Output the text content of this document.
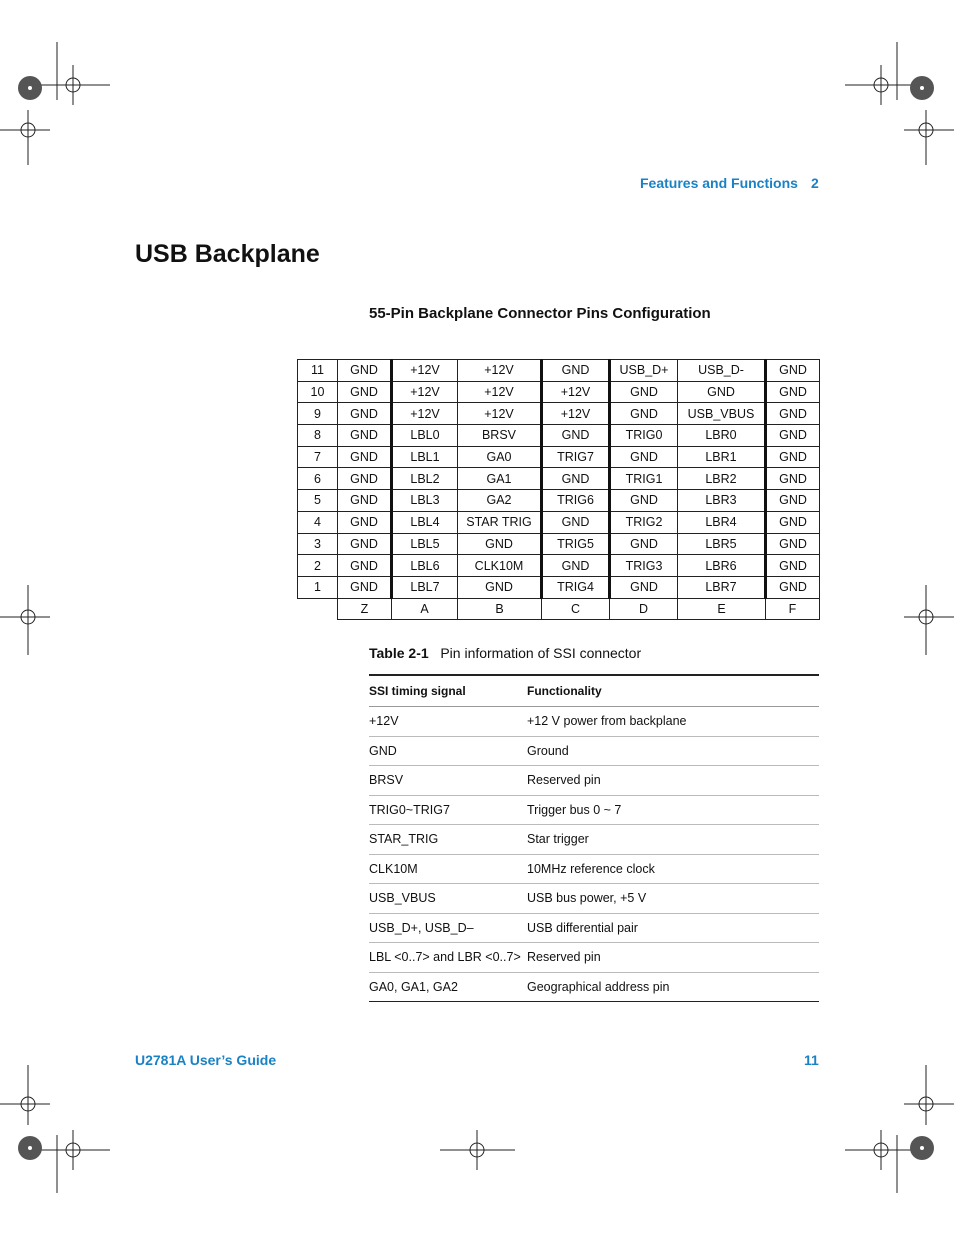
Features and Functions 2
USB Backplane
55-Pin Backplane Connector Pins Configuration
11	GND	+12V	+12V	GND	USB_D+	USB_D-	GND
10	GND	+12V	+12V	+12V	GND	GND	GND
9	GND	+12V	+12V	+12V	GND	USB_VBUS	GND
8	GND	LBL0	BRSV	GND	TRIG0	LBR0	GND
7	GND	LBL1	GA0	TRIG7	GND	LBR1	GND
6	GND	LBL2	GA1	GND	TRIG1	LBR2	GND
5	GND	LBL3	GA2	TRIG6	GND	LBR3	GND
4	GND	LBL4	STAR TRIG	GND	TRIG2	LBR4	GND
3	GND	LBL5	GND	TRIG5	GND	LBR5	GND
2	GND	LBL6	CLK10M	GND	TRIG3	LBR6	GND
1	GND	LBL7	GND	TRIG4	GND	LBR7	GND
	Z	A	B	C	D	E	F
Table 2-1 Pin information of SSI connector
SSI timing signal	Functionality
+12V	+12 V power from backplane
GND	Ground
BRSV	Reserved pin
TRIG0~TRIG7	Trigger bus 0 ~ 7
STAR_TRIG	Star trigger
CLK10M	10MHz reference clock
USB_VBUS	USB bus power, +5 V
USB_D+, USB_D–	USB differential pair
LBL <0..7> and LBR <0..7>	Reserved pin
GA0, GA1, GA2	Geographical address pin
U2781A User’s Guide	11
